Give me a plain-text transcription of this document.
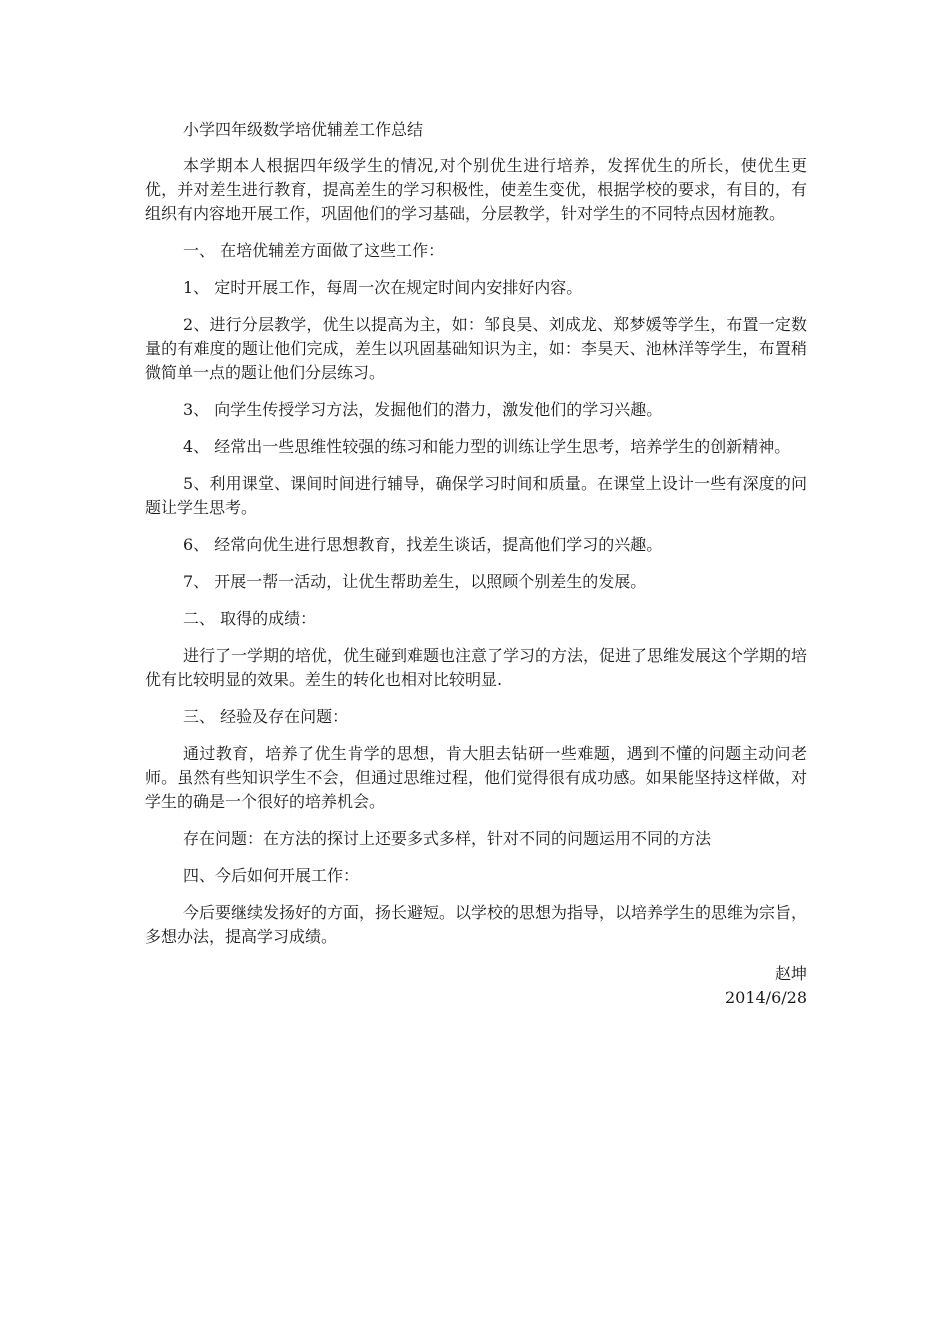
小学四年级数学培优辅差工作总结

本学期本人根据四年级学生的情况,对个别优生进行培养，发挥优生的所长，使优生更优，并对差生进行教育，提高差生的学习积极性，使差生变优，根据学校的要求，有目的，有组织有内容地开展工作，巩固他们的学习基础，分层教学，针对学生的不同特点因材施教。

一、 在培优辅差方面做了这些工作：

1、 定时开展工作，每周一次在规定时间内安排好内容。

2、进行分层教学，优生以提高为主，如：邹良昊、刘成龙、郑梦媛等学生，布置一定数量的有难度的题让他们完成，差生以巩固基础知识为主，如：李昊天、池林洋等学生，布置稍微简单一点的题让他们分层练习。

3、 向学生传授学习方法，发掘他们的潜力，激发他们的学习兴趣。

4、 经常出一些思维性较强的练习和能力型的训练让学生思考，培养学生的创新精神。

5、利用课堂、课间时间进行辅导，确保学习时间和质量。在课堂上设计一些有深度的问题让学生思考。

6、 经常向优生进行思想教育，找差生谈话，提高他们学习的兴趣。

7、 开展一帮一活动，让优生帮助差生，以照顾个别差生的发展。

二、 取得的成绩：

进行了一学期的培优，优生碰到难题也注意了学习的方法，促进了思维发展这个学期的培优有比较明显的效果。差生的转化也相对比较明显.

三、 经验及存在问题：

通过教育，培养了优生肯学的思想，肯大胆去钻研一些难题，遇到不懂的问题主动问老师。虽然有些知识学生不会，但通过思维过程，他们觉得很有成功感。如果能坚持这样做，对学生的确是一个很好的培养机会。

存在问题：在方法的探讨上还要多式多样，针对不同的问题运用不同的方法

四、今后如何开展工作：

今后要继续发扬好的方面，扬长避短。以学校的思想为指导，以培养学生的思维为宗旨，多想办法，提高学习成绩。

赵坤

2014/6/28
